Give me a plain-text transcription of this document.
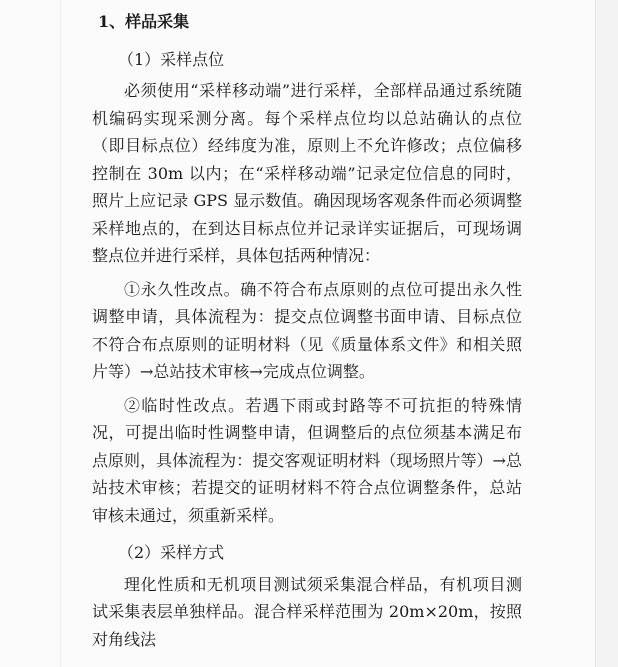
1、样品采集

（1）采样点位

必须使用“采样移动端”进行采样，全部样品通过系统随机编码实现采测分离。每个采样点位均以总站确认的点位（即目标点位）经纬度为准，原则上不允许修改；点位偏移控制在 30m 以内；在“采样移动端”记录定位信息的同时，照片上应记录 GPS 显示数值。确因现场客观条件而必须调整采样地点的，在到达目标点位并记录详实证据后，可现场调整点位并进行采样，具体包括两种情况：

①永久性改点。确不符合布点原则的点位可提出永久性调整申请，具体流程为：提交点位调整书面申请、目标点位不符合布点原则的证明材料（见《质量体系文件》和相关照片等）→总站技术审核→完成点位调整。

②临时性改点。若遇下雨或封路等不可抗拒的特殊情况，可提出临时性调整申请，但调整后的点位须基本满足布点原则，具体流程为：提交客观证明材料（现场照片等）→总站技术审核；若提交的证明材料不符合点位调整条件，总站审核未通过，须重新采样。

（2）采样方式

理化性质和无机项目测试须采集混合样品，有机项目测试采集表层单独样品。混合样采样范围为 20m×20m，按照对角线法
